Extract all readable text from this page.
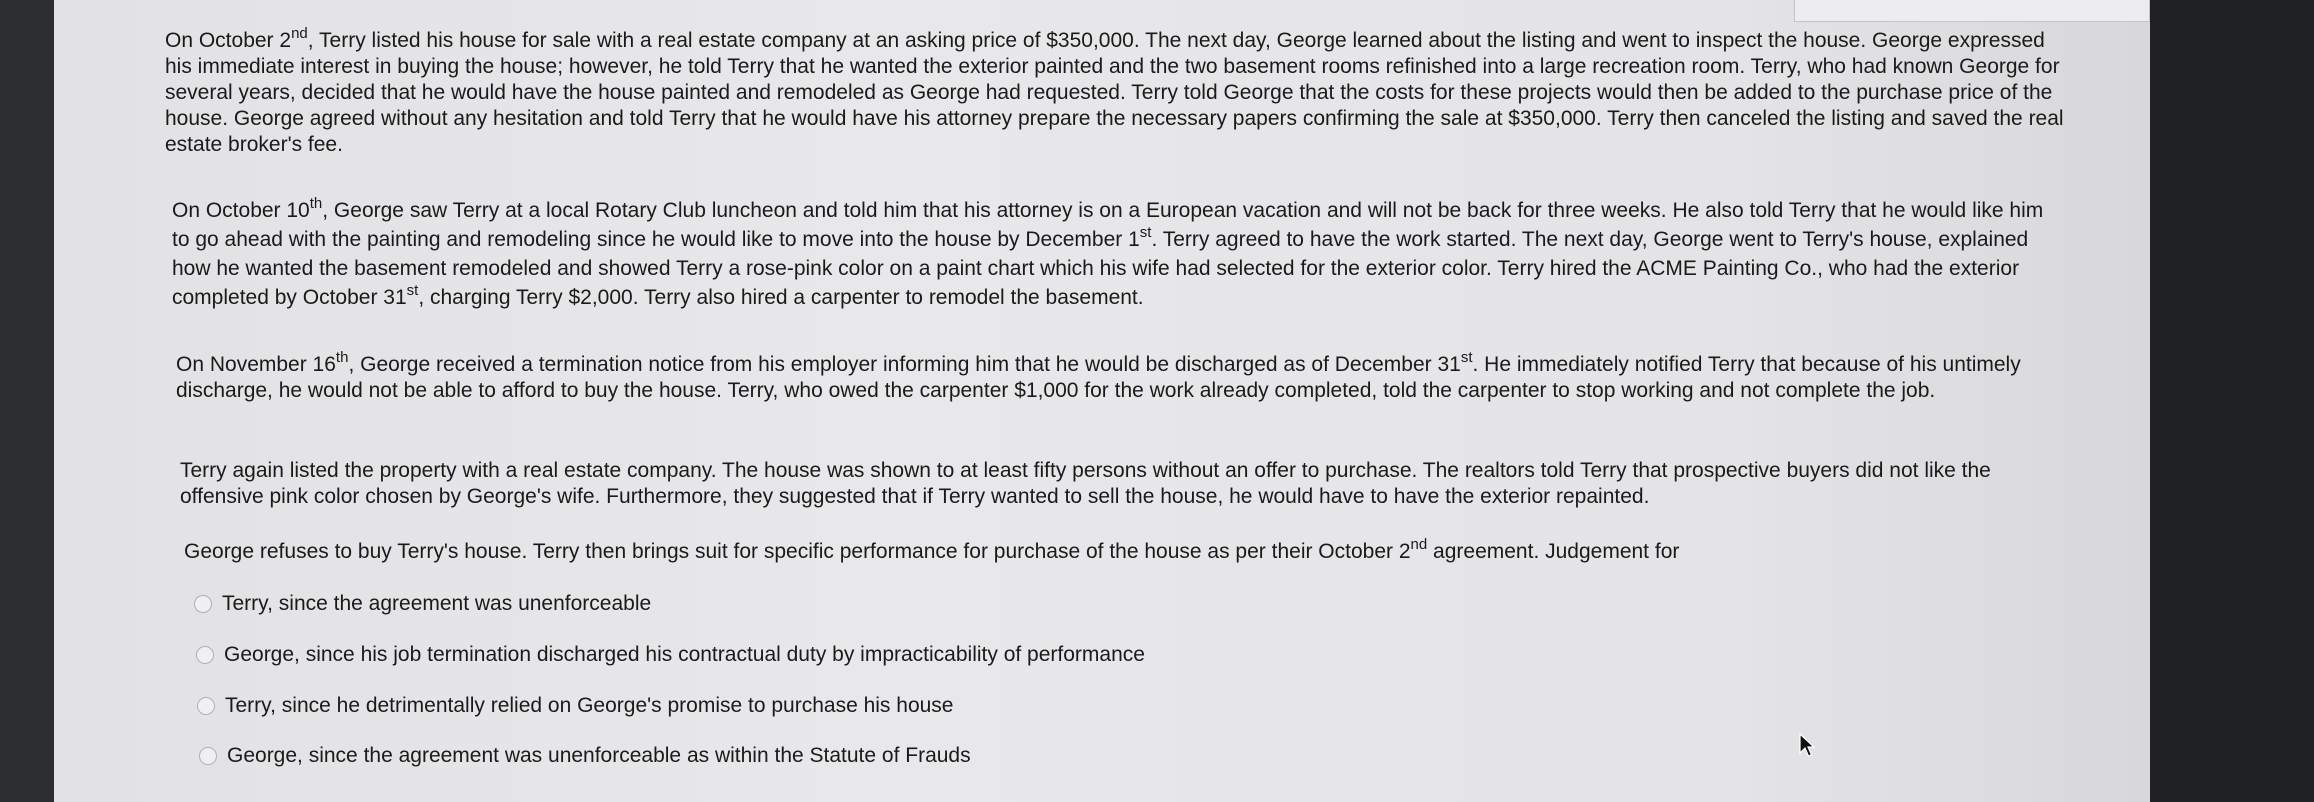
On October 2nd, Terry listed his house for sale with a real estate company at an asking price of $350,000. The next day, George learned about the listing and went to inspect the house. George expressed his immediate interest in buying the house; however, he told Terry that he wanted the exterior painted and the two basement rooms refinished into a large recreation room. Terry, who had known George for several years, decided that he would have the house painted and remodeled as George had requested. Terry told George that the costs for these projects would then be added to the purchase price of the house. George agreed without any hesitation and told Terry that he would have his attorney prepare the necessary papers confirming the sale at $350,000. Terry then canceled the listing and saved the real estate broker's fee.

On October 10th, George saw Terry at a local Rotary Club luncheon and told him that his attorney is on a European vacation and will not be back for three weeks. He also told Terry that he would like him to go ahead with the painting and remodeling since he would like to move into the house by December 1st. Terry agreed to have the work started. The next day, George went to Terry's house, explained how he wanted the basement remodeled and showed Terry a rose-pink color on a paint chart which his wife had selected for the exterior color. Terry hired the ACME Painting Co., who had the exterior completed by October 31st, charging Terry $2,000. Terry also hired a carpenter to remodel the basement.

On November 16th, George received a termination notice from his employer informing him that he would be discharged as of December 31st. He immediately notified Terry that because of his untimely discharge, he would not be able to afford to buy the house. Terry, who owed the carpenter $1,000 for the work already completed, told the carpenter to stop working and not complete the job.

Terry again listed the property with a real estate company. The house was shown to at least fifty persons without an offer to purchase. The realtors told Terry that prospective buyers did not like the offensive pink color chosen by George's wife. Furthermore, they suggested that if Terry wanted to sell the house, he would have to have the exterior repainted.

George refuses to buy Terry's house. Terry then brings suit for specific performance for purchase of the house as per their October 2nd agreement. Judgement for
Terry, since the agreement was unenforceable
George, since his job termination discharged his contractual duty by impracticability of performance
Terry, since he detrimentally relied on George's promise to purchase his house
George, since the agreement was unenforceable as within the Statute of Frauds
